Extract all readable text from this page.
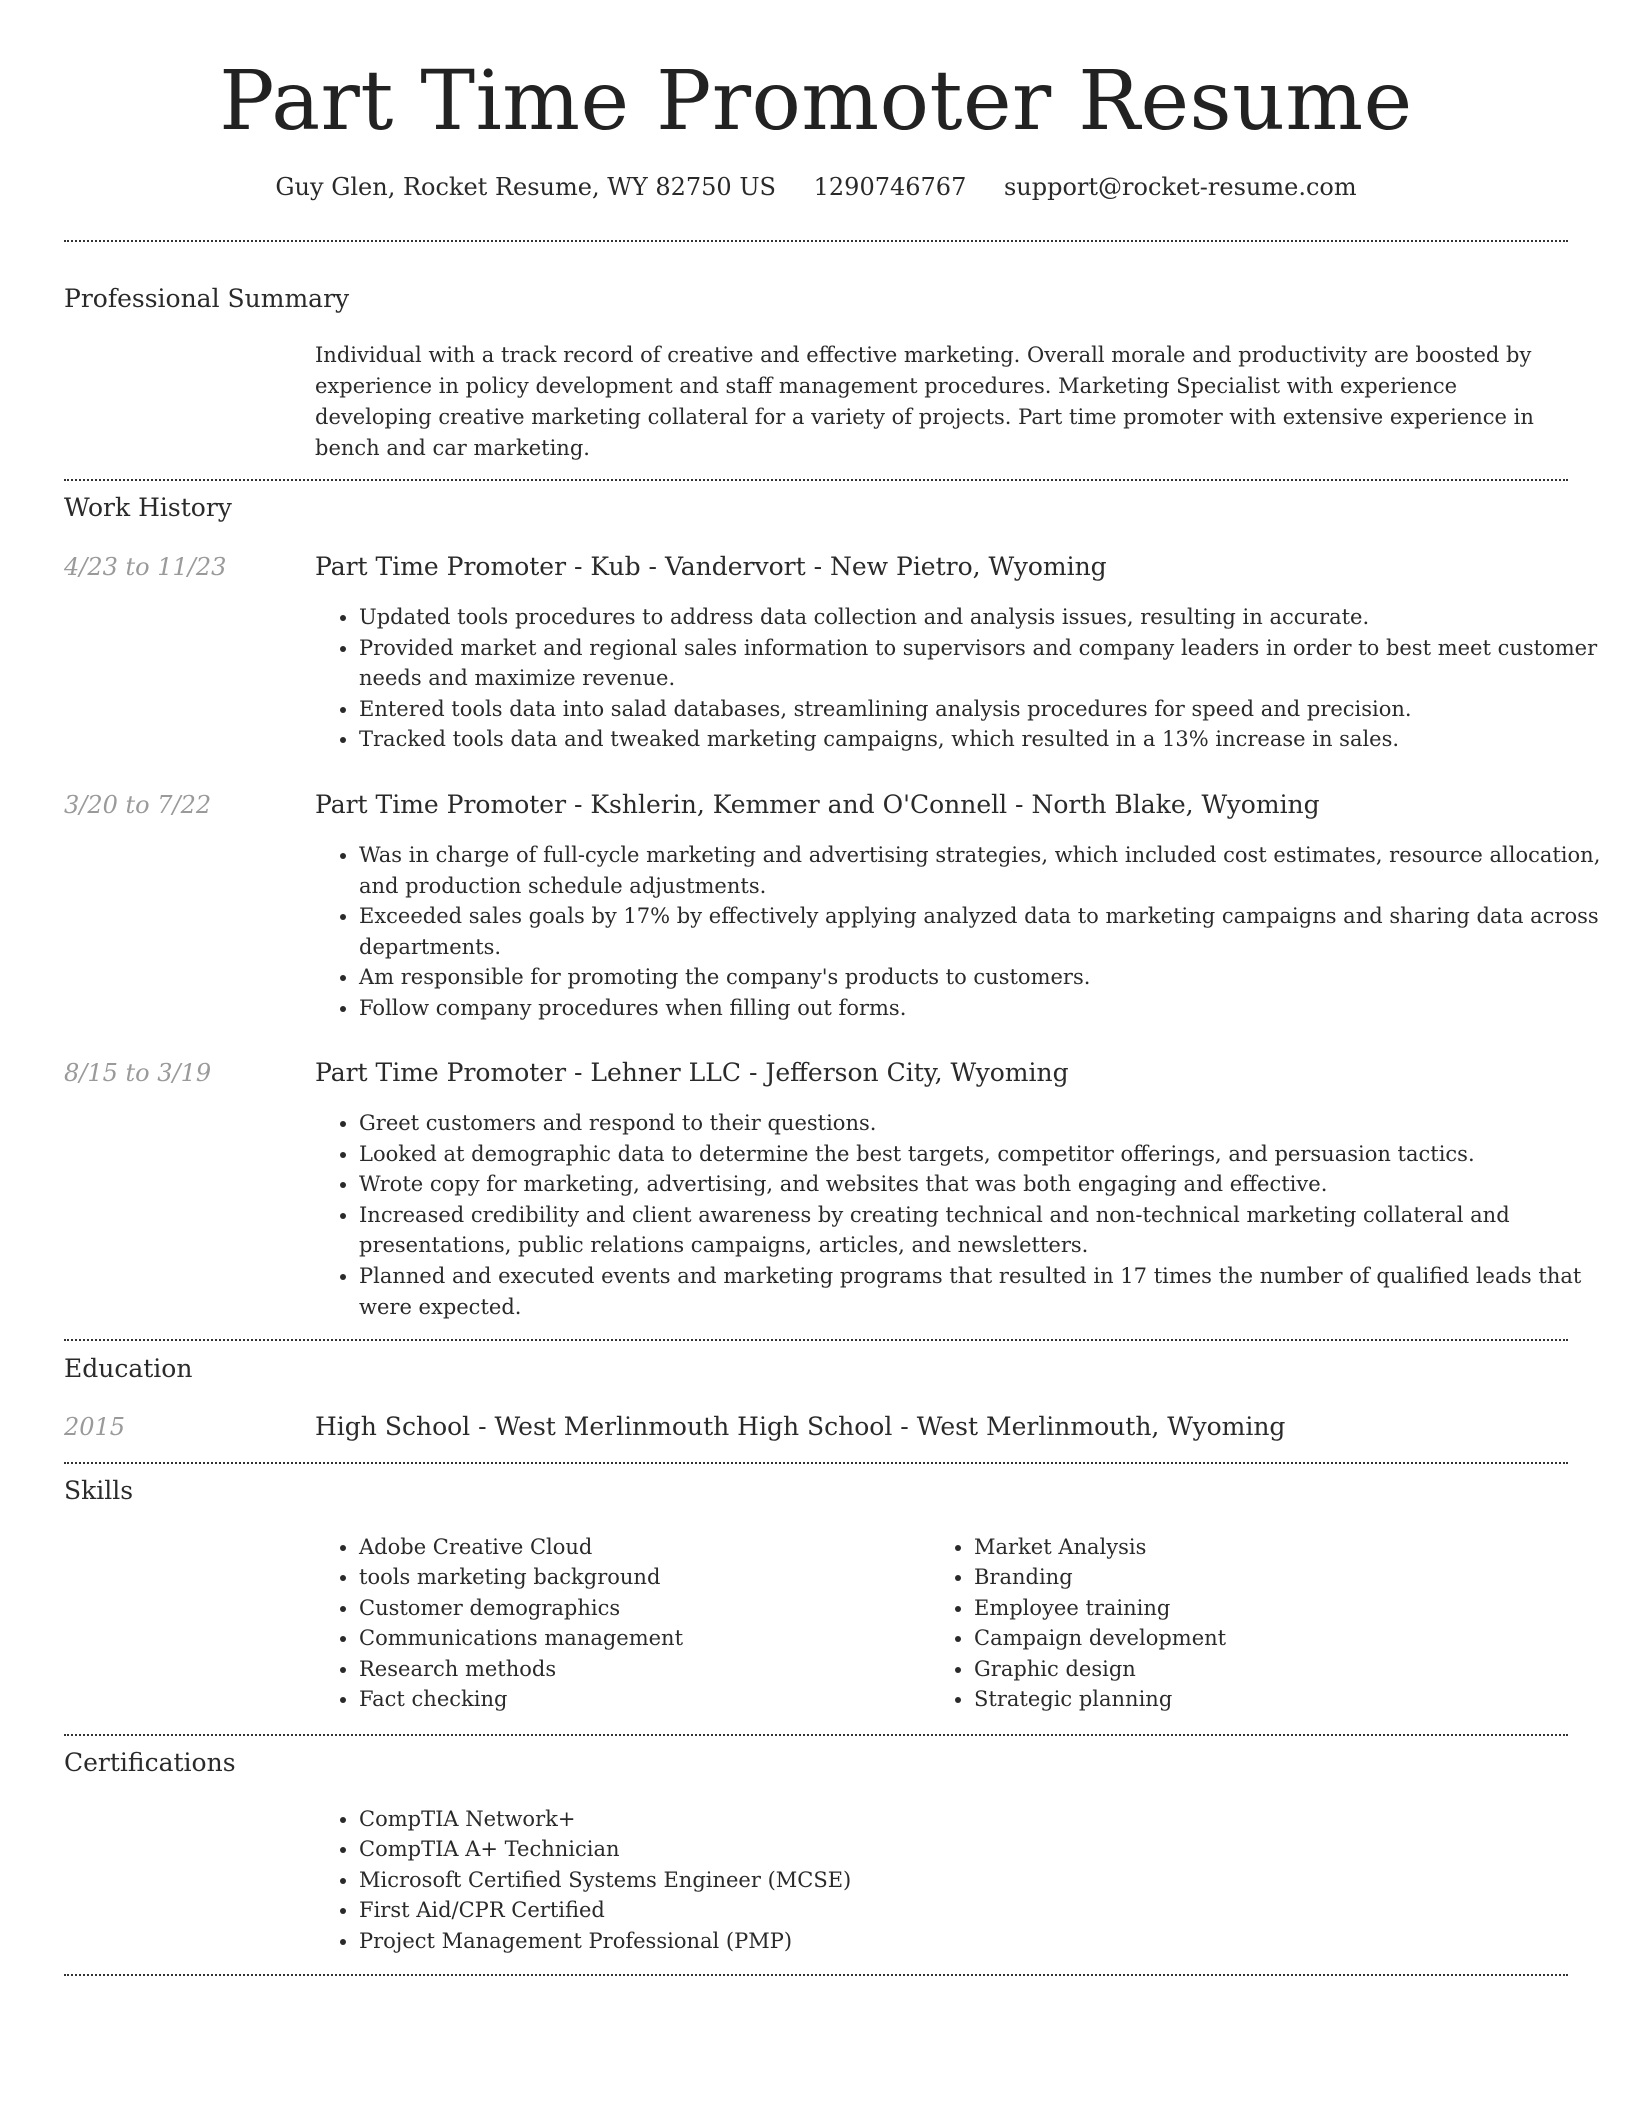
Part Time Promoter Resume
Guy Glen, Rocket Resume, WY 82750 US 1290746767 support@rocket-resume.com
Professional Summary

Individual with a track record of creative and effective marketing. Overall morale and productivity are boosted by experience in policy development and staff management procedures. Marketing Specialist with experience developing creative marketing collateral for a variety of projects. Part time promoter with extensive experience in bench and car marketing.

Work History
4/23 to 11/23	Part Time Promoter - Kub - Vandervort - New Pietro, Wyoming
• Updated tools procedures to address data collection and analysis issues, resulting in accurate.
• Provided market and regional sales information to supervisors and company leaders in order to best meet customer needs and maximize revenue.
• Entered tools data into salad databases, streamlining analysis procedures for speed and precision.
• Tracked tools data and tweaked marketing campaigns, which resulted in a 13% increase in sales.
3/20 to 7/22	Part Time Promoter - Kshlerin, Kemmer and O'Connell - North Blake, Wyoming
• Was in charge of full-cycle marketing and advertising strategies, which included cost estimates, resource allocation, and production schedule adjustments.
• Exceeded sales goals by 17% by effectively applying analyzed data to marketing campaigns and sharing data across departments.
• Am responsible for promoting the company's products to customers.
• Follow company procedures when filling out forms.
8/15 to 3/19	Part Time Promoter - Lehner LLC - Jefferson City, Wyoming
• Greet customers and respond to their questions.
• Looked at demographic data to determine the best targets, competitor offerings, and persuasion tactics.
• Wrote copy for marketing, advertising, and websites that was both engaging and effective.
• Increased credibility and client awareness by creating technical and non-technical marketing collateral and presentations, public relations campaigns, articles, and newsletters.
• Planned and executed events and marketing programs that resulted in 17 times the number of qualified leads that were expected.
Education
2015	High School - West Merlinmouth High School - West Merlinmouth, Wyoming
Skills
• Adobe Creative Cloud
• tools marketing background
• Customer demographics
• Communications management
• Research methods
• Fact checking
• Market Analysis
• Branding
• Employee training
• Campaign development
• Graphic design
• Strategic planning
Certifications
• CompTIA Network+
• CompTIA A+ Technician
• Microsoft Certified Systems Engineer (MCSE)
• First Aid/CPR Certified
• Project Management Professional (PMP)
